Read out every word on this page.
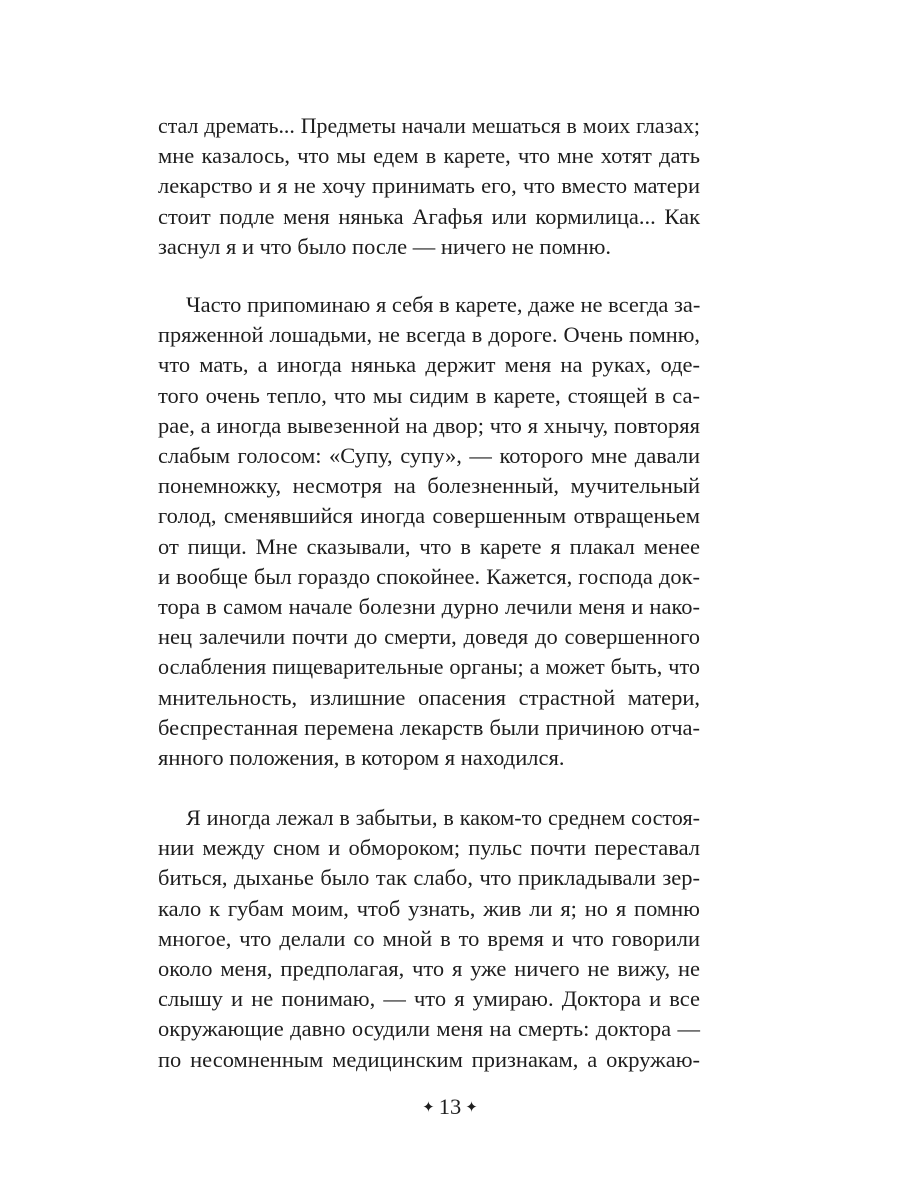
стал дремать... Предметы начали мешаться в моих глазах;
мне казалось, что мы едем в карете, что мне хотят дать
лекарство и я не хочу принимать его, что вместо матери
стоит подле меня нянька Агафья или кормилица... Как
заснул я и что было после — ничего не помню.
Часто припоминаю я себя в карете, даже не всегда за-
пряженной лошадьми, не всегда в дороге. Очень помню,
что мать, а иногда нянька держит меня на руках, оде-
того очень тепло, что мы сидим в карете, стоящей в са-
рае, а иногда вывезенной на двор; что я хнычу, повторяя
слабым голосом: «Супу, супу», — которого мне давали
понемножку, несмотря на болезненный, мучительный
голод, сменявшийся иногда совершенным отвращеньем
от пищи. Мне сказывали, что в карете я плакал менее
и вообще был гораздо спокойнее. Кажется, господа док-
тора в самом начале болезни дурно лечили меня и нако-
нец залечили почти до смерти, доведя до совершенного
ослабления пищеварительные органы; а может быть, что
мнительность, излишние опасения страстной матери,
беспрестанная перемена лекарств были причиною отча-
янного положения, в котором я находился.
Я иногда лежал в забытьи, в каком-то среднем состоя-
нии между сном и обмороком; пульс почти переставал
биться, дыханье было так слабо, что прикладывали зер-
кало к губам моим, чтоб узнать, жив ли я; но я помню
многое, что делали со мной в то время и что говорили
около меня, предполагая, что я уже ничего не вижу, не
слышу и не понимаю, — что я умираю. Доктора и все
окружающие давно осудили меня на смерть: доктора —
по несомненным медицинским признакам, а окружаю-
✦ 13 ✦
